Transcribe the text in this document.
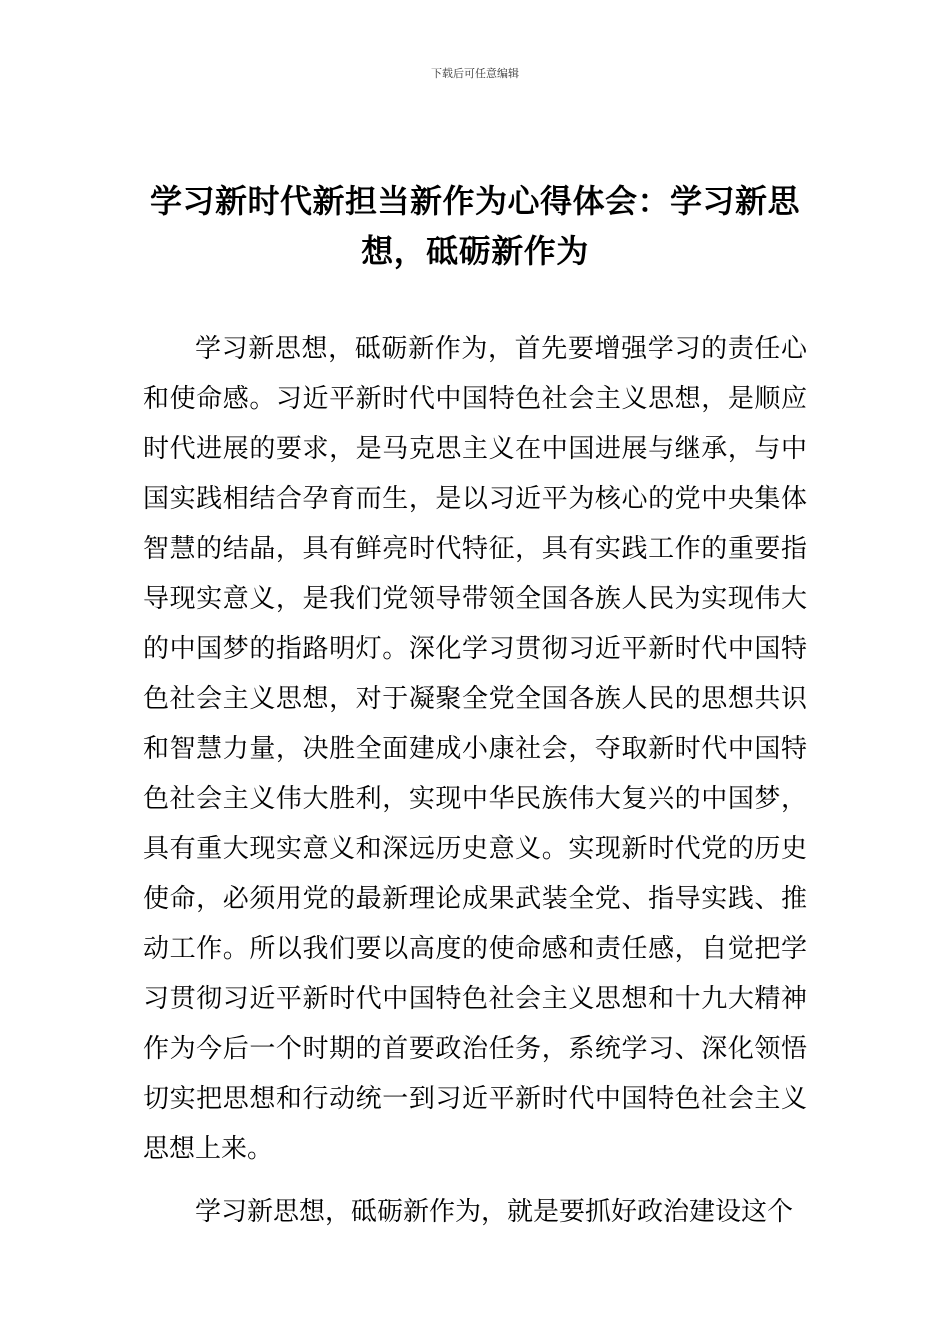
下载后可任意编辑
学习新时代新担当新作为心得体会：学习新思想，砥砺新作为

学习新思想，砥砺新作为，首先要增强学习的责任心和使命感。习近平新时代中国特色社会主义思想，是顺应时代进展的要求，是马克思主义在中国进展与继承，与中国实践相结合孕育而生，是以习近平为核心的党中央集体智慧的结晶，具有鲜亮时代特征，具有实践工作的重要指导现实意义，是我们党领导带领全国各族人民为实现伟大的中国梦的指路明灯。深化学习贯彻习近平新时代中国特色社会主义思想，对于凝聚全党全国各族人民的思想共识和智慧力量，决胜全面建成小康社会，夺取新时代中国特色社会主义伟大胜利，实现中华民族伟大复兴的中国梦，具有重大现实意义和深远历史意义。实现新时代党的历史使命，必须用党的最新理论成果武装全党、指导实践、推动工作。所以我们要以高度的使命感和责任感，自觉把学习贯彻习近平新时代中国特色社会主义思想和十九大精神作为今后一个时期的首要政治任务，系统学习、深化领悟切实把思想和行动统一到习近平新时代中国特色社会主义思想上来。

学习新思想，砥砺新作为，就是要抓好政治建设这个
